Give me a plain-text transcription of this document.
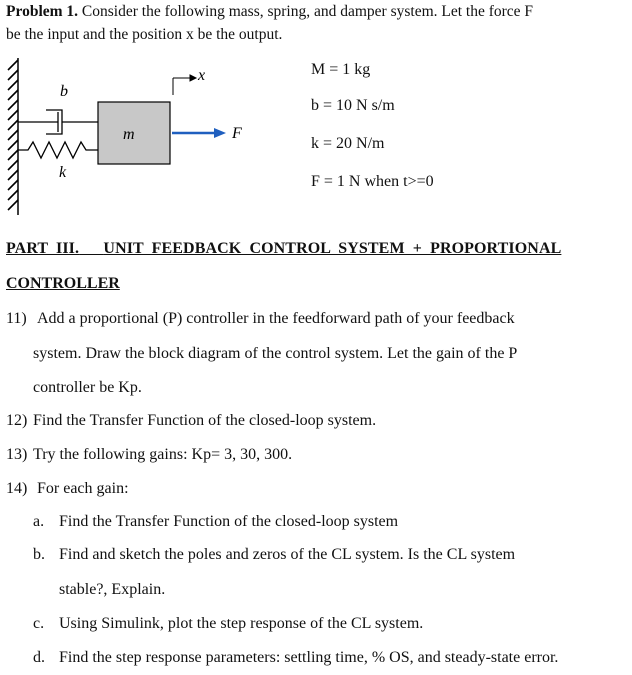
Problem 1. Consider the following mass, spring, and damper system. Let the force F
be the input and the position x be the output.
b
k
m
x
F
M = 1 kg
b = 10 N s/m
k = 20 N/m
F = 1 N when t>=0
PART III. UNIT FEEDBACK CONTROL SYSTEM + PROPORTIONAL
CONTROLLER
11) Add a proportional (P) controller in the feedforward path of your feedback
system. Draw the block diagram of the control system. Let the gain of the P
controller be Kp.
12) Find the Transfer Function of the closed-loop system.
13) Try the following gains: Kp= 3, 30, 300.
14) For each gain:
a. Find the Transfer Function of the closed-loop system
b. Find and sketch the poles and zeros of the CL system. Is the CL system
stable?, Explain.
c. Using Simulink, plot the step response of the CL system.
d. Find the step response parameters: settling time, % OS, and steady-state error.
